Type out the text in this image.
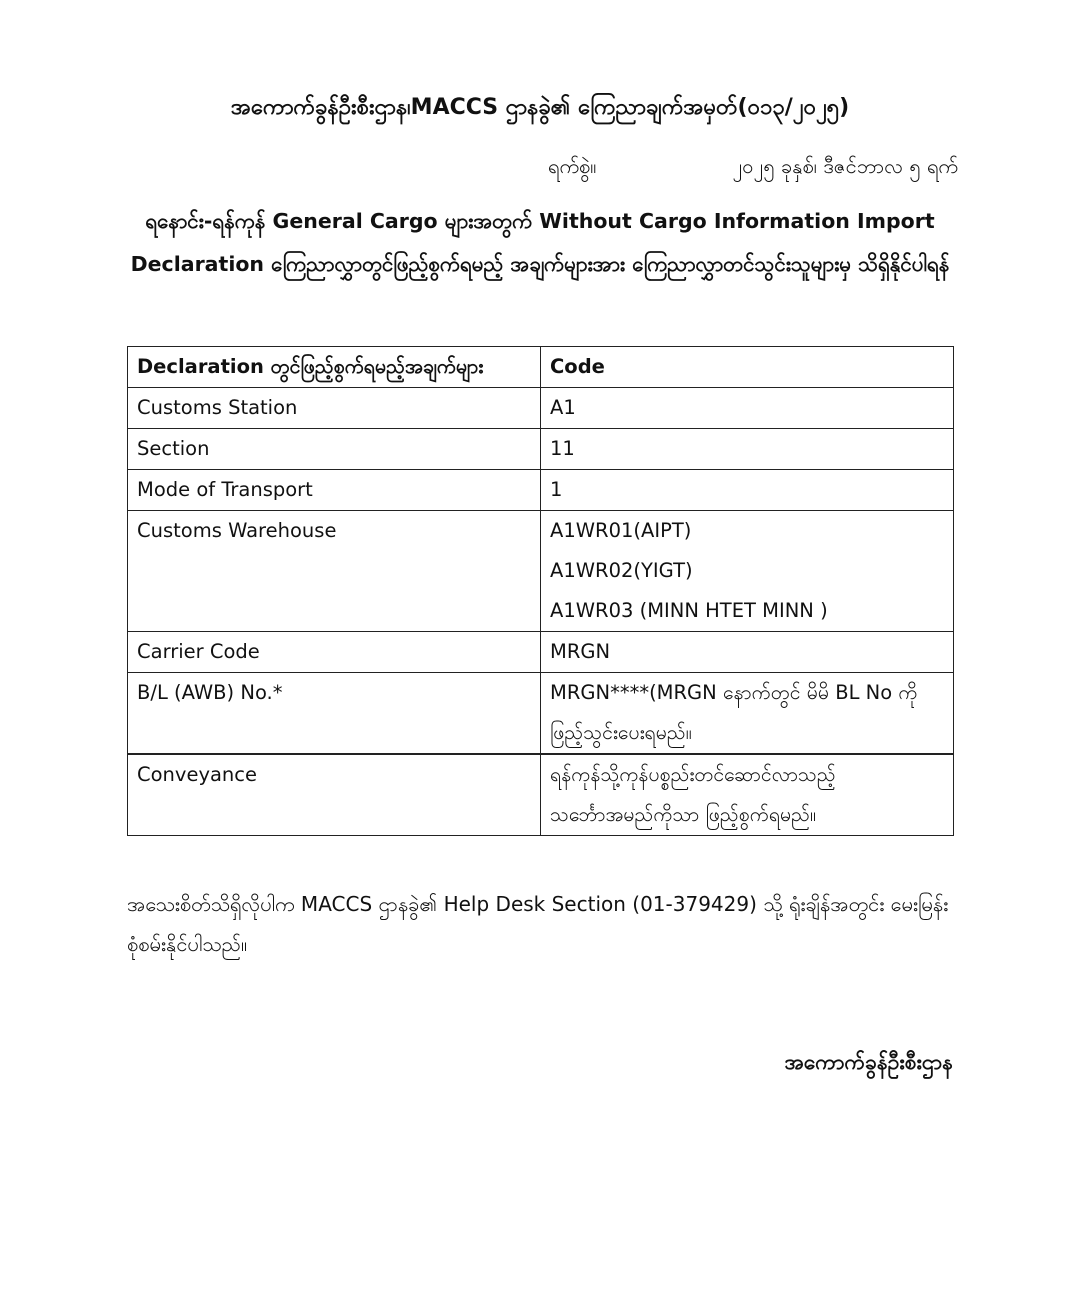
အကောက်ခွန်ဦးစီးဌာန၊MACCS ဌာနခွဲ၏ ကြေညာချက်အမှတ်(၀၁၃/၂၀၂၅)
ရက်စွဲ။	၂၀၂၅ ခုနှစ်၊ ဒီဇင်ဘာလ ၅ ရက်
ရနောင်း-ရန်ကုန် General Cargo များအတွက် Without Cargo Information Import Declaration ကြေညာလွှာတွင်ဖြည့်စွက်ရမည့် အချက်များအား ကြေညာလွှာတင်သွင်းသူများမှ သိရှိနိုင်ပါရန်
Declaration တွင်ဖြည့်စွက်ရမည့်အချက်များ	Code
Customs Station	A1

Section	11

Mode of Transport	1

Customs Warehouse	A1WR01(AIPT)
A1WR02(YIGT)
A1WR03 (MINN HTET MINN )

Carrier Code	MRGN

B/L (AWB) No.*	MRGN****(MRGN နောက်တွင် မိမိ BL No ကို
ဖြည့်သွင်းပေးရမည်။

Conveyance	ရန်ကုန်သို့ကုန်ပစ္စည်းတင်ဆောင်လာသည့်
သင်္ဘောအမည်ကိုသာ ဖြည့်စွက်ရမည်။
အသေးစိတ်သိရှိလိုပါက MACCS ဌာနခွဲ၏ Help Desk Section (01-379429) သို့ ရုံးချိန်အတွင်း မေးမြန်းစုံစမ်းနိုင်ပါသည်။
အကောက်ခွန်ဦးစီးဌာန
